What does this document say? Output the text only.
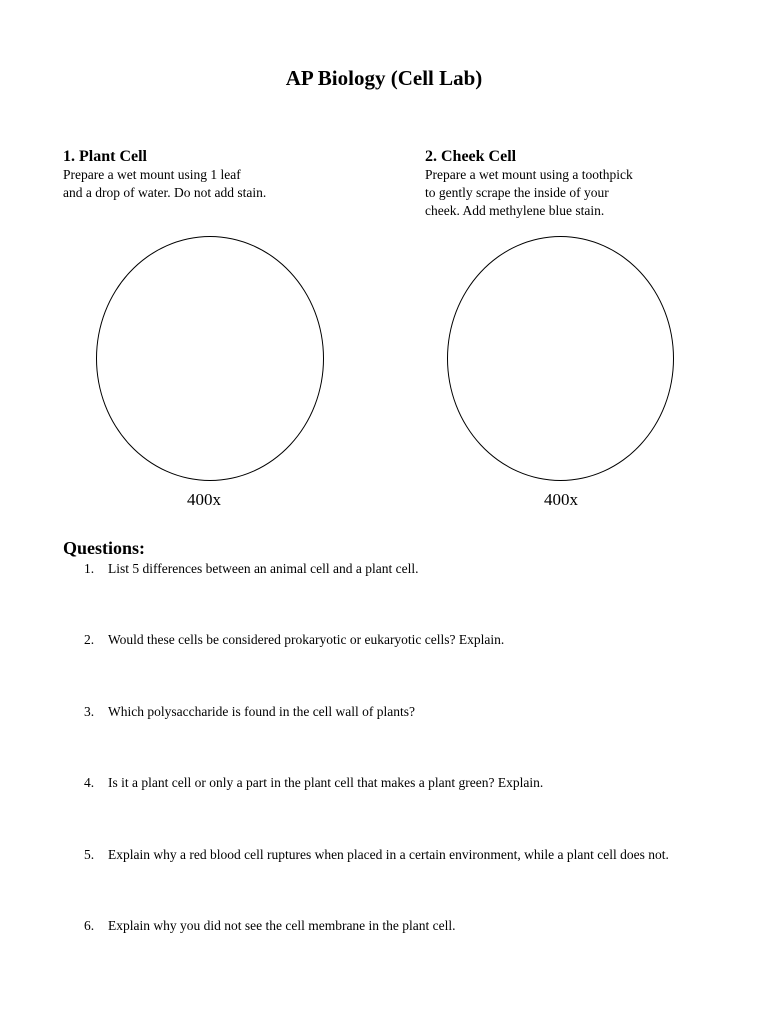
AP Biology (Cell Lab)
1. Plant Cell
Prepare a wet mount using 1 leaf
and a drop of water. Do not add stain.
2. Cheek Cell
Prepare a wet mount using a toothpick
to gently scrape the inside of your
cheek. Add methylene blue stain.
400x	400x
Questions:
1. List 5 differences between an animal cell and a plant cell.
2. Would these cells be considered prokaryotic or eukaryotic cells? Explain.
3. Which polysaccharide is found in the cell wall of plants?
4. Is it a plant cell or only a part in the plant cell that makes a plant green? Explain.
5. Explain why a red blood cell ruptures when placed in a certain environment, while a plant cell does not.
6. Explain why you did not see the cell membrane in the plant cell.
